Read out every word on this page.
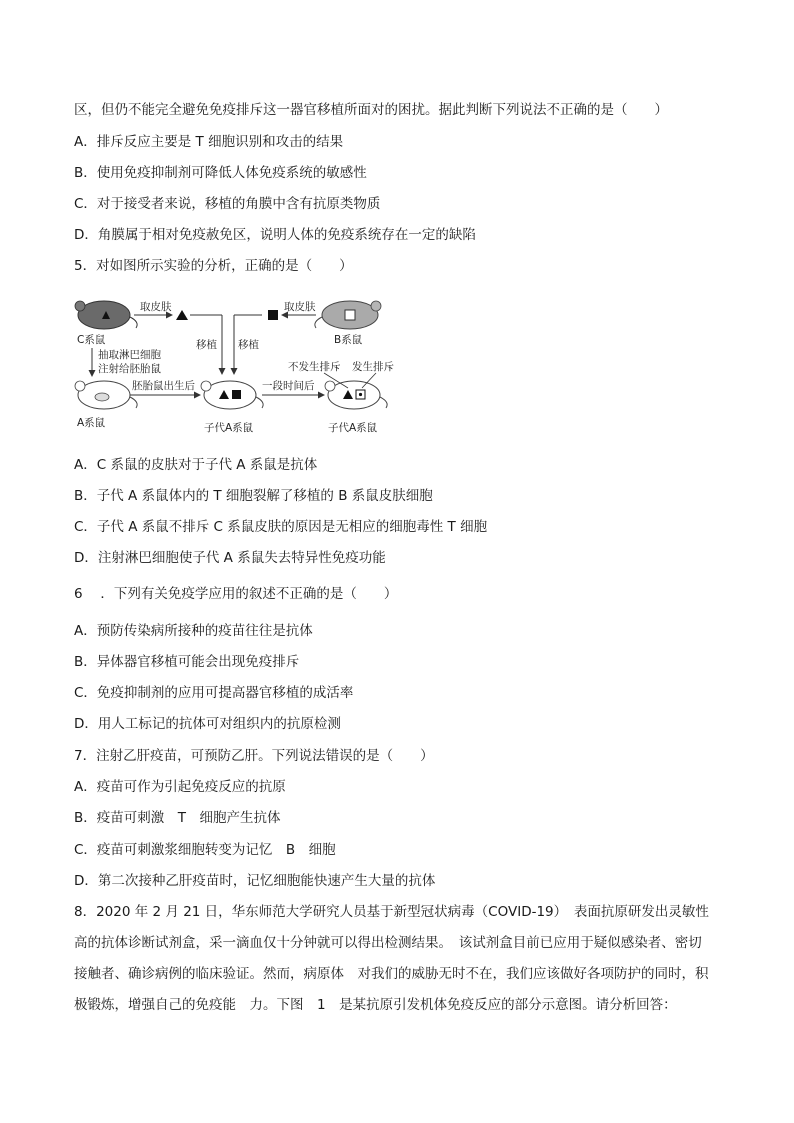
区，但仍不能完全避免免疫排斥这一器官移植所面对的困扰。据此判断下列说法不正确的是（　　）
A．排斥反应主要是 T 细胞识别和攻击的结果
B．使用免疫抑制剂可降低人体免疫系统的敏感性
C．对于接受者来说，移植的角膜中含有抗原类物质
D．角膜属于相对免疫赦免区，说明人体的免疫系统存在一定的缺陷
5．对如图所示实验的分析，正确的是（　　）
C系鼠
取皮肤
移植
取皮肤
移植	B系鼠
抽取淋巴细胞
注射给胚胎鼠
A系鼠
胚胎鼠出生后
子代A系鼠
一段时间后
子代A系鼠
不发生排斥 发生排斥
A．C 系鼠的皮肤对于子代 A 系鼠是抗体
B．子代 A 系鼠体内的 T 细胞裂解了移植的 B 系鼠皮肤细胞
C．子代 A 系鼠不排斥 C 系鼠皮肤的原因是无相应的细胞毒性 T 细胞
D．注射淋巴细胞使子代 A 系鼠失去特异性免疫功能
6　 ．下列有关免疫学应用的叙述不正确的是（　　）
A．预防传染病所接种的疫苗往往是抗体
B．异体器官移植可能会出现免疫排斥
C．免疫抑制剂的应用可提高器官移植的成活率
D．用人工标记的抗体可对组织内的抗原检测
7．注射乙肝疫苗，可预防乙肝。下列说法错误的是（　　）
A．疫苗可作为引起免疫反应的抗原
B．疫苗可刺激　T　细胞产生抗体
C．疫苗可刺激浆细胞转变为记忆　B　细胞
D．第二次接种乙肝疫苗时，记忆细胞能快速产生大量的抗体
8．2020 年 2 月 21 日，华东师范大学研究人员基于新型冠状病毒（COVID-19）　表面抗原研发出灵敏性
高的抗体诊断试剂盒，采一滴血仅十分钟就可以得出检测结果。　该试剂盒目前已应用于疑似感染者、密切
接触者、确诊病例的临床验证。然而，病原体　对我们的威胁无时不在，我们应该做好各项防护的同时，积
极锻炼，增强自己的免疫能　力。下图　1　是某抗原引发机体免疫反应的部分示意图。请分析回答：
